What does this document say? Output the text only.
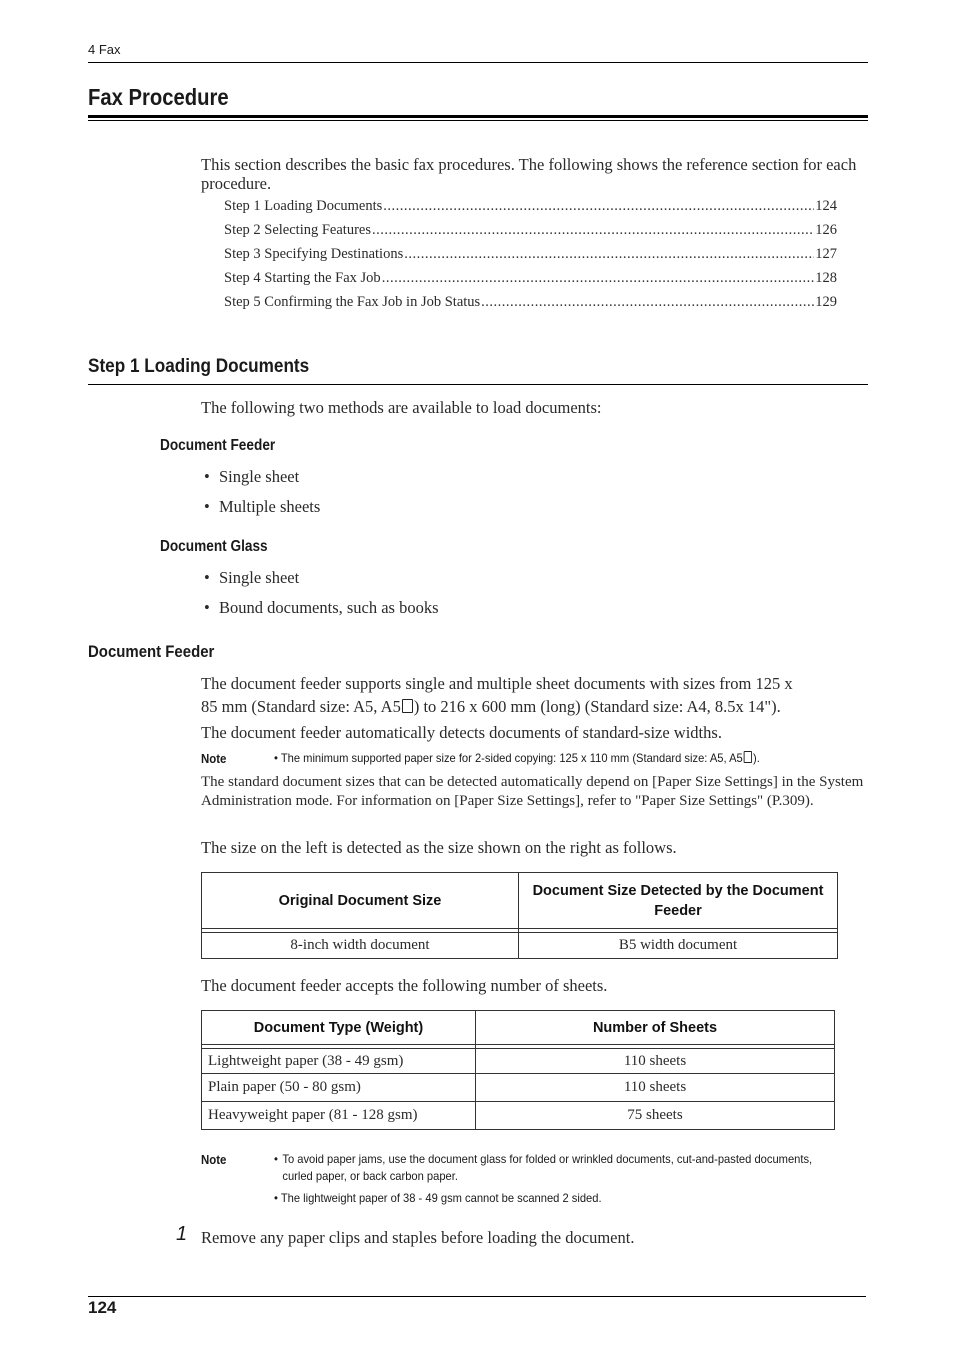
4 Fax
Fax Procedure
This section describes the basic fax procedures. The following shows the reference section for each procedure.
Step 1 Loading Documents .....	124
Step 2 Selecting Features .....	126
Step 3 Specifying Destinations .....	127
Step 4 Starting the Fax Job .....	128
Step 5 Confirming the Fax Job in Job Status .....	129
Step 1 Loading Documents
The following two methods are available to load documents:
Document Feeder
• Single sheet
• Multiple sheets
Document Glass
• Single sheet
• Bound documents, such as books
Document Feeder
The document feeder supports single and multiple sheet documents with sizes from 125 x
85 mm (Standard size: A5, A5 ) to 216 x 600 mm (long) (Standard size: A4, 8.5x 14").
The document feeder automatically detects documents of standard-size widths.
Note	• The minimum supported paper size for 2-sided copying: 125 x 110 mm (Standard size: A5, A5 ).
The standard document sizes that can be detected automatically depend on [Paper Size Settings] in the System Administration mode. For information on [Paper Size Settings], refer to "Paper Size Settings" (P.309).
The size on the left is detected as the size shown on the right as follows.
Original Document Size	Document Size Detected by the Document Feeder

8-inch width document	B5 width document
The document feeder accepts the following number of sheets.
Document Type (Weight)	Number of Sheets

Lightweight paper (38 - 49 gsm)	110 sheets
Plain paper (50 - 80 gsm)	110 sheets
Heavyweight paper (81 - 128 gsm)	75 sheets
Note	• To avoid paper jams, use the document glass for folded or wrinkled documents, cut-and-pasted documents, curled paper, or back carbon paper.
• The lightweight paper of 38 - 49 gsm cannot be scanned 2 sided.
1 Remove any paper clips and staples before loading the document.
124
